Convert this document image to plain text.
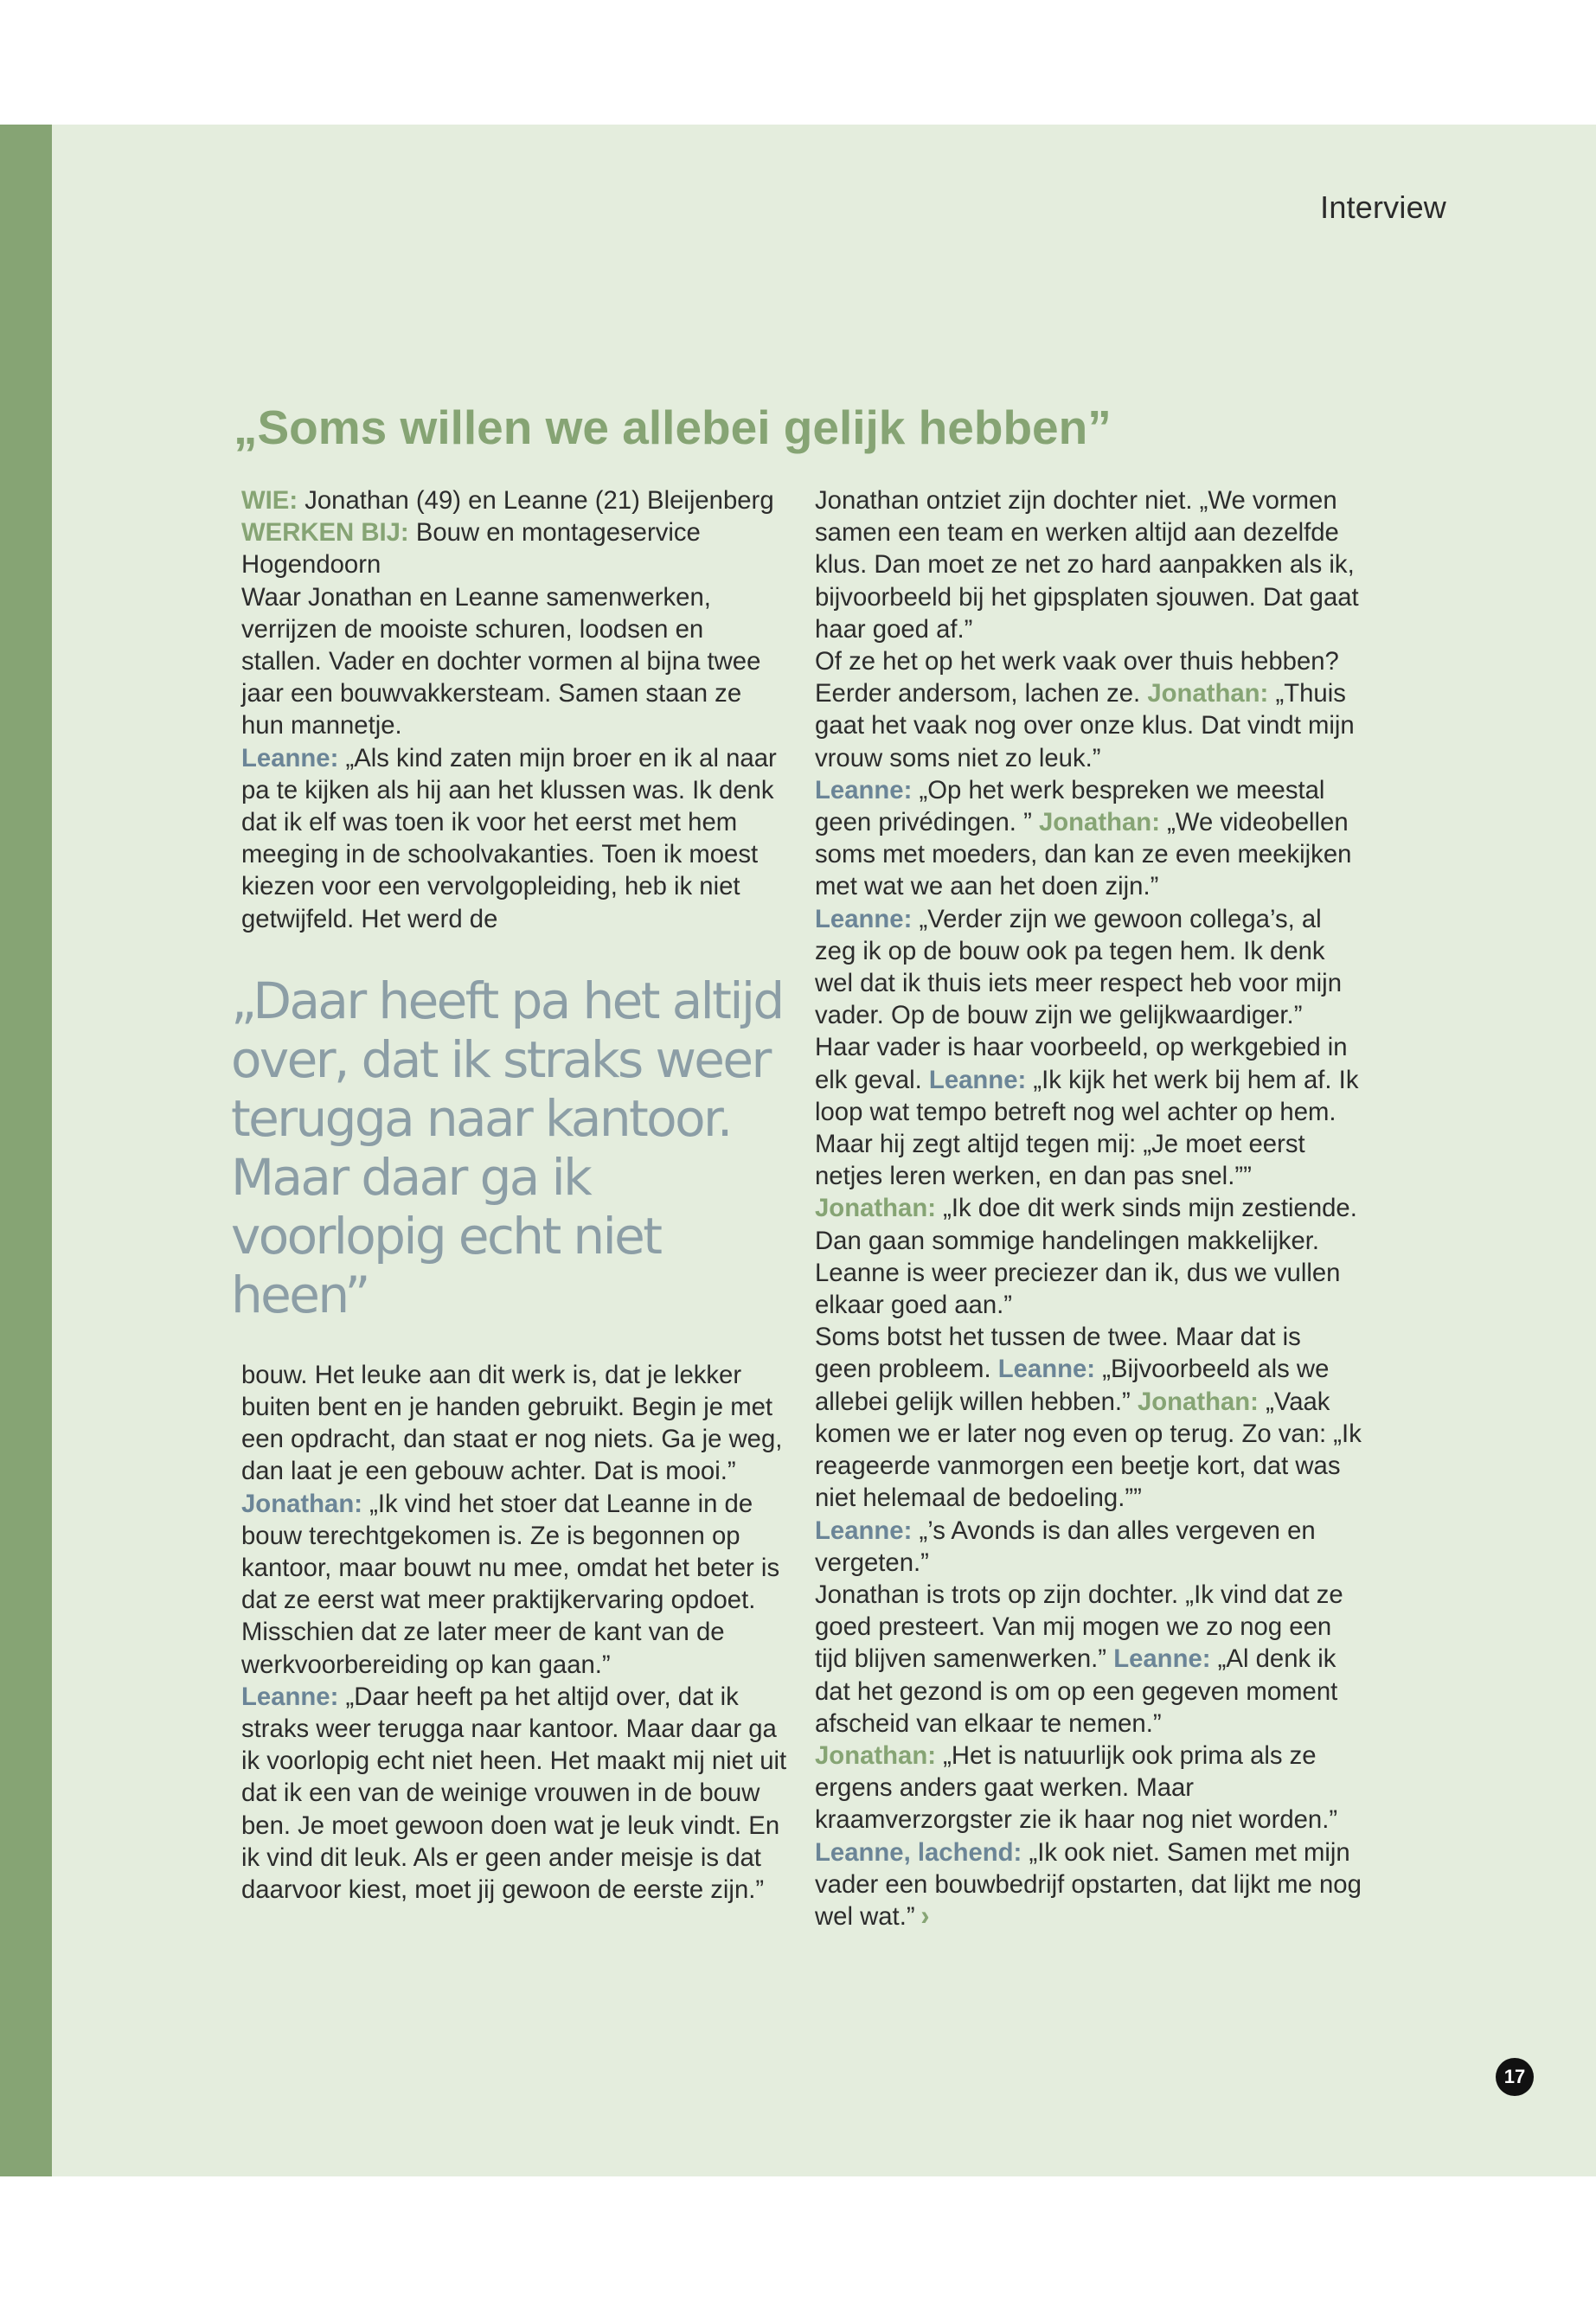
Interview
„Soms willen we allebei gelijk hebben”

WIE: Jonathan (49) en Leanne (21) Bleijenberg

WERKEN BIJ: Bouw en montageservice Hogendoorn

Waar Jonathan en Leanne samenwerken, verrijzen de mooiste schuren, loodsen en stallen. Vader en dochter vormen al bijna twee jaar een bouwvakkersteam. Samen staan ze hun mannetje.

Leanne: „Als kind zaten mijn broer en ik al naar pa te kijken als hij aan het klussen was. Ik denk dat ik elf was toen ik voor het eerst met hem meeging in de schoolvakanties. Toen ik moest kiezen voor een vervolgopleiding, heb ik niet getwijfeld. Het werd de

„Daar heeft pa het altijd over, dat ik straks weer terugga naar kantoor. Maar daar ga ik voorlopig echt niet heen”

bouw. Het leuke aan dit werk is, dat je lekker buiten bent en je handen gebruikt. Begin je met een opdracht, dan staat er nog niets. Ga je weg, dan laat je een gebouw achter. Dat is mooi.”

Jonathan: „Ik vind het stoer dat Leanne in de bouw terechtgekomen is. Ze is begonnen op kantoor, maar bouwt nu mee, omdat het beter is dat ze eerst wat meer praktijkervaring opdoet. Misschien dat ze later meer de kant van de werkvoorbereiding op kan gaan.”

Leanne: „Daar heeft pa het altijd over, dat ik straks weer terugga naar kantoor. Maar daar ga ik voorlopig echt niet heen. Het maakt mij niet uit dat ik een van de weinige vrouwen in de bouw ben. Je moet gewoon doen wat je leuk vindt. En ik vind dit leuk. Als er geen ander meisje is dat daarvoor kiest, moet jij gewoon de eerste zijn.”

Jonathan ontziet zijn dochter niet. „We vormen samen een team en werken altijd aan dezelfde klus. Dan moet ze net zo hard aanpakken als ik, bijvoorbeeld bij het gipsplaten sjouwen. Dat gaat haar goed af.”

Of ze het op het werk vaak over thuis hebben? Eerder andersom, lachen ze. Jonathan: „Thuis gaat het vaak nog over onze klus. Dat vindt mijn vrouw soms niet zo leuk.”

Leanne: „Op het werk bespreken we meestal geen privédingen. ” Jonathan: „We videobellen soms met moeders, dan kan ze even meekijken met wat we aan het doen zijn.”

Leanne: „Verder zijn we gewoon collega’s, al zeg ik op de bouw ook pa tegen hem. Ik denk wel dat ik thuis iets meer respect heb voor mijn vader. Op de bouw zijn we gelijkwaardiger.”

Haar vader is haar voorbeeld, op werkgebied in elk geval. Leanne: „Ik kijk het werk bij hem af. Ik loop wat tempo betreft nog wel achter op hem. Maar hij zegt altijd tegen mij: „Je moet eerst netjes leren werken, en dan pas snel.”” Jonathan: „Ik doe dit werk sinds mijn zestiende. Dan gaan sommige handelingen makkelijker. Leanne is weer preciezer dan ik, dus we vullen elkaar goed aan.”

Soms botst het tussen de twee. Maar dat is geen probleem. Leanne: „Bijvoorbeeld als we allebei gelijk willen hebben.” Jonathan: „Vaak komen we er later nog even op terug. Zo van: „Ik reageerde vanmorgen een beetje kort, dat was niet helemaal de bedoeling.””

Leanne: „’s Avonds is dan alles vergeven en vergeten.”

Jonathan is trots op zijn dochter. „Ik vind dat ze goed presteert. Van mij mogen we zo nog een tijd blijven samenwerken.” Leanne: „Al denk ik dat het gezond is om op een gegeven moment afscheid van elkaar te nemen.”

Jonathan: „Het is natuurlijk ook prima als ze ergens anders gaat werken. Maar kraamverzorgster zie ik haar nog niet worden.” Leanne, lachend: „Ik ook niet. Samen met mijn vader een bouwbedrijf opstarten, dat lijkt me nog wel wat.” ››

17
